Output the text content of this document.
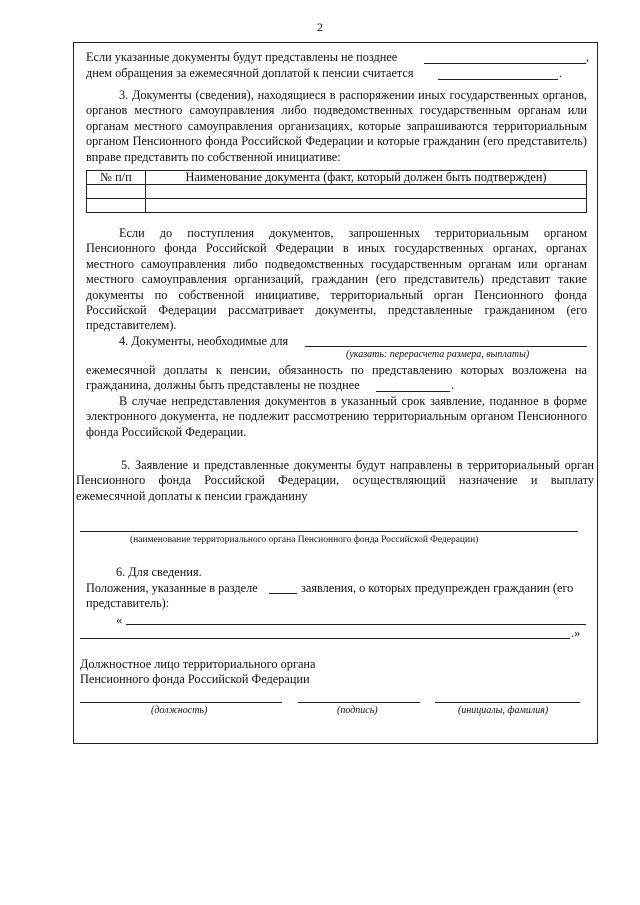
2
Если указанные документы будут представлены не позднее	,
днем обращения за ежемесячной доплатой к пенсии считается	.
3. Документы (сведения), находящиеся в распоряжении иных государственных органов, органов местного самоуправления либо подведомственных государственным органам или органам местного самоуправления организациях, которые запрашиваются территориальным органом Пенсионного фонда Российской Федерации и которые гражданин (его представитель) вправе представить по собственной инициативе:
№ п/п	Наименование документа (факт, который должен быть подтвержден)

Если до поступления документов, запрошенных территориальным органом Пенсионного фонда Российской Федерации в иных государственных органах, органах местного самоуправления либо подведомственных государственным органам или органам местного самоуправления организаций, гражданин (его представитель) представит такие документы по собственной инициативе, территориальный орган Пенсионного фонда Российской Федерации рассматривает документы, представленные гражданином (его представителем).
4. Документы, необходимые для
(указать: перерасчета размера, выплаты)
ежемесячной доплаты к пенсии, обязанность по представлению которых возложена на гражданина, должны быть представлены не позднее	.
В случае непредставления документов в указанный срок заявление, поданное в форме электронного документа, не подлежит рассмотрению территориальным органом Пенсионного фонда Российской Федерации.
5. Заявление и представленные документы будут направлены в территориальный орган Пенсионного фонда Российской Федерации, осуществляющий назначение и выплату ежемесячной доплаты к пенсии гражданину
(наименование территориального органа Пенсионного фонда Российской Федерации)
6. Для сведения.
Положения, указанные в разделе	заявления, о которых предупрежден гражданин (его
представитель):
«
.»
Должностное лицо территориального органа
Пенсионного фонда Российской Федерации
(должность)	(подпись)	(инициалы, фамилия)
